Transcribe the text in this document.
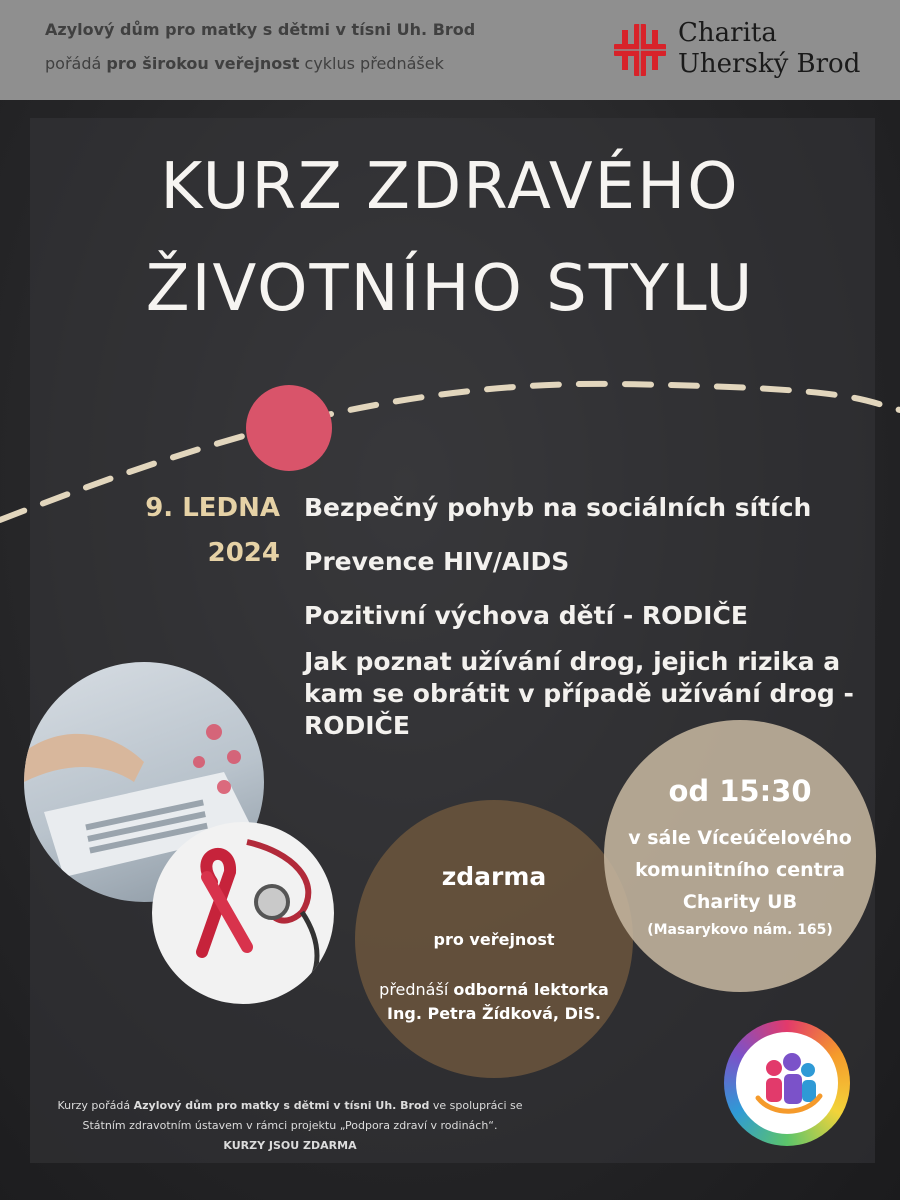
Azylový dům pro matky s dětmi v tísni Uh. Brod
pořádá pro širokou veřejnost cyklus přednášek
Charita
Uherský Brod
KURZ ZDRAVÉHO
ŽIVOTNÍHO STYLU
9. LEDNA
2024
Bezpečný pohyb na sociálních sítích
Prevence HIV/AIDS
Pozitivní výchova dětí - RODIČE
Jak poznat užívání drog, jejich rizika a kam se obrátit v případě užívání drog - RODIČE
zdarma
pro veřejnost
přednáší odborná lektorka
Ing. Petra Žídková, DiS.
od 15:30
v sále Víceúčelového komunitního centra Charity UB
(Masarykovo nám. 165)
Kurzy pořádá Azylový dům pro matky s dětmi v tísni Uh. Brod ve spolupráci se Státním zdravotním ústavem v rámci projektu „Podpora zdraví v rodinách“.
KURZY JSOU ZDARMA
